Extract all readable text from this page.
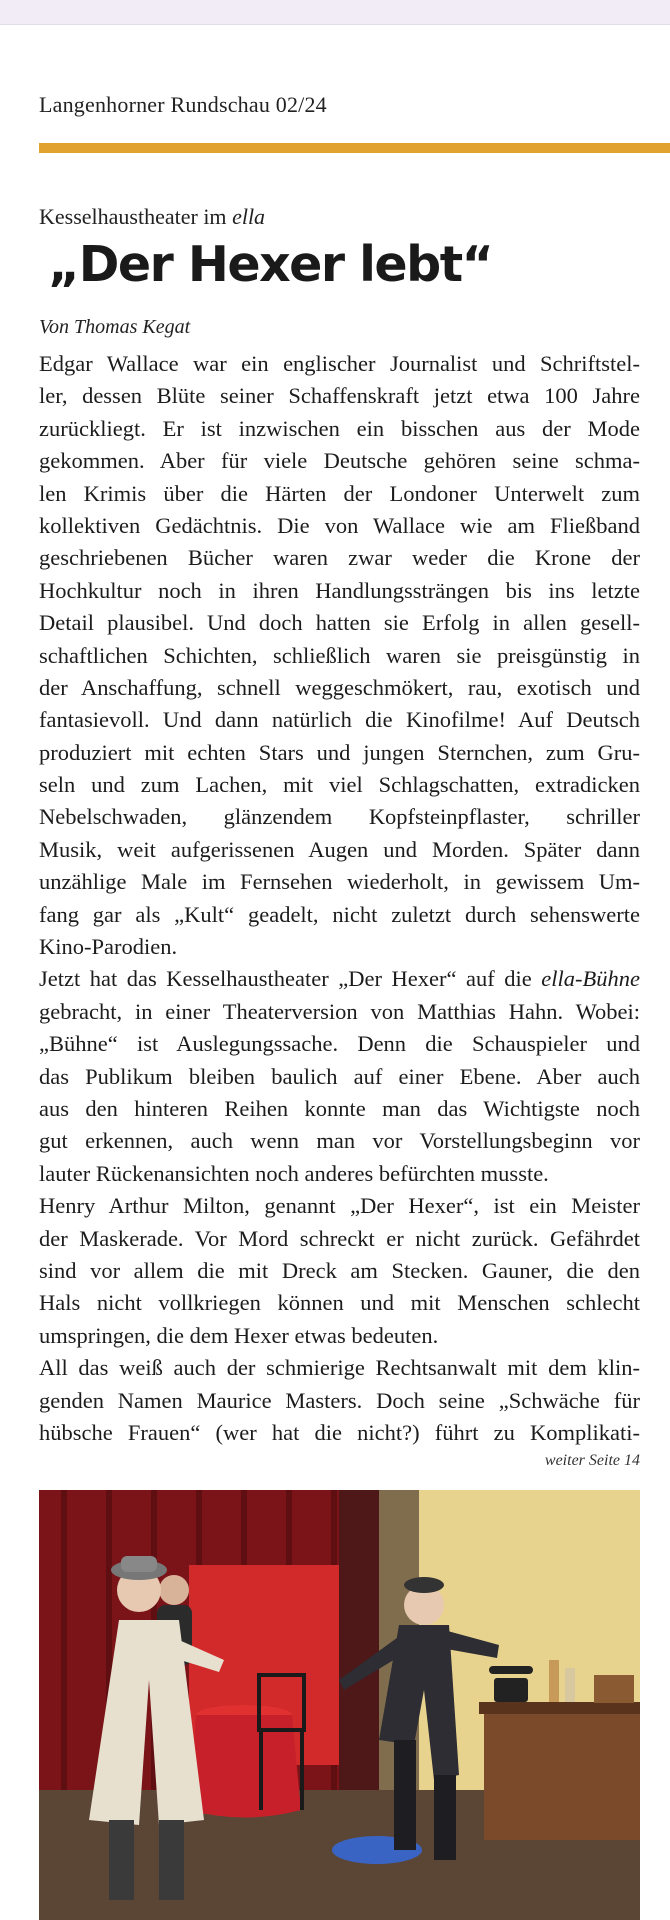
Langenhorner Rundschau 02/24
Kesselhaustheater im ella
„Der Hexer lebt“
Von Thomas Kegat
Edgar Wallace war ein englischer Journalist und Schriftstel-
ler, dessen Blüte seiner Schaffenskraft jetzt etwa 100 Jahre
zurückliegt. Er ist inzwischen ein bisschen aus der Mode
gekommen. Aber für viele Deutsche gehören seine schma-
len Krimis über die Härten der Londoner Unterwelt zum
kollektiven Gedächtnis. Die von Wallace wie am Fließband
geschriebenen Bücher waren zwar weder die Krone der
Hochkultur noch in ihren Handlungssträngen bis ins letzte
Detail plausibel. Und doch hatten sie Erfolg in allen gesell-
schaftlichen Schichten, schließlich waren sie preisgünstig in
der Anschaffung, schnell weggeschmökert, rau, exotisch und
fantasievoll. Und dann natürlich die Kinofilme! Auf Deutsch
produziert mit echten Stars und jungen Sternchen, zum Gru-
seln und zum Lachen, mit viel Schlagschatten, extradicken
Nebelschwaden, glänzendem Kopfsteinpflaster, schriller
Musik, weit aufgerissenen Augen und Morden. Später dann
unzählige Male im Fernsehen wiederholt, in gewissem Um-
fang gar als „Kult“ geadelt, nicht zuletzt durch sehenswerte
Kino-Parodien.
Jetzt hat das Kesselhaustheater „Der Hexer“ auf die ella-Bühne
gebracht, in einer Theaterversion von Matthias Hahn. Wobei:
„Bühne“ ist Auslegungssache. Denn die Schauspieler und
das Publikum bleiben baulich auf einer Ebene. Aber auch
aus den hinteren Reihen konnte man das Wichtigste noch
gut erkennen, auch wenn man vor Vorstellungsbeginn vor
lauter Rückenansichten noch anderes befürchten musste.
Henry Arthur Milton, genannt „Der Hexer“, ist ein Meister
der Maskerade. Vor Mord schreckt er nicht zurück. Gefährdet
sind vor allem die mit Dreck am Stecken. Gauner, die den
Hals nicht vollkriegen können und mit Menschen schlecht
umspringen, die dem Hexer etwas bedeuten.
All das weiß auch der schmierige Rechtsanwalt mit dem klin-
genden Namen Maurice Masters. Doch seine „Schwäche für
hübsche Frauen“ (wer hat die nicht?) führt zu Komplikati-
weiter Seite 14
